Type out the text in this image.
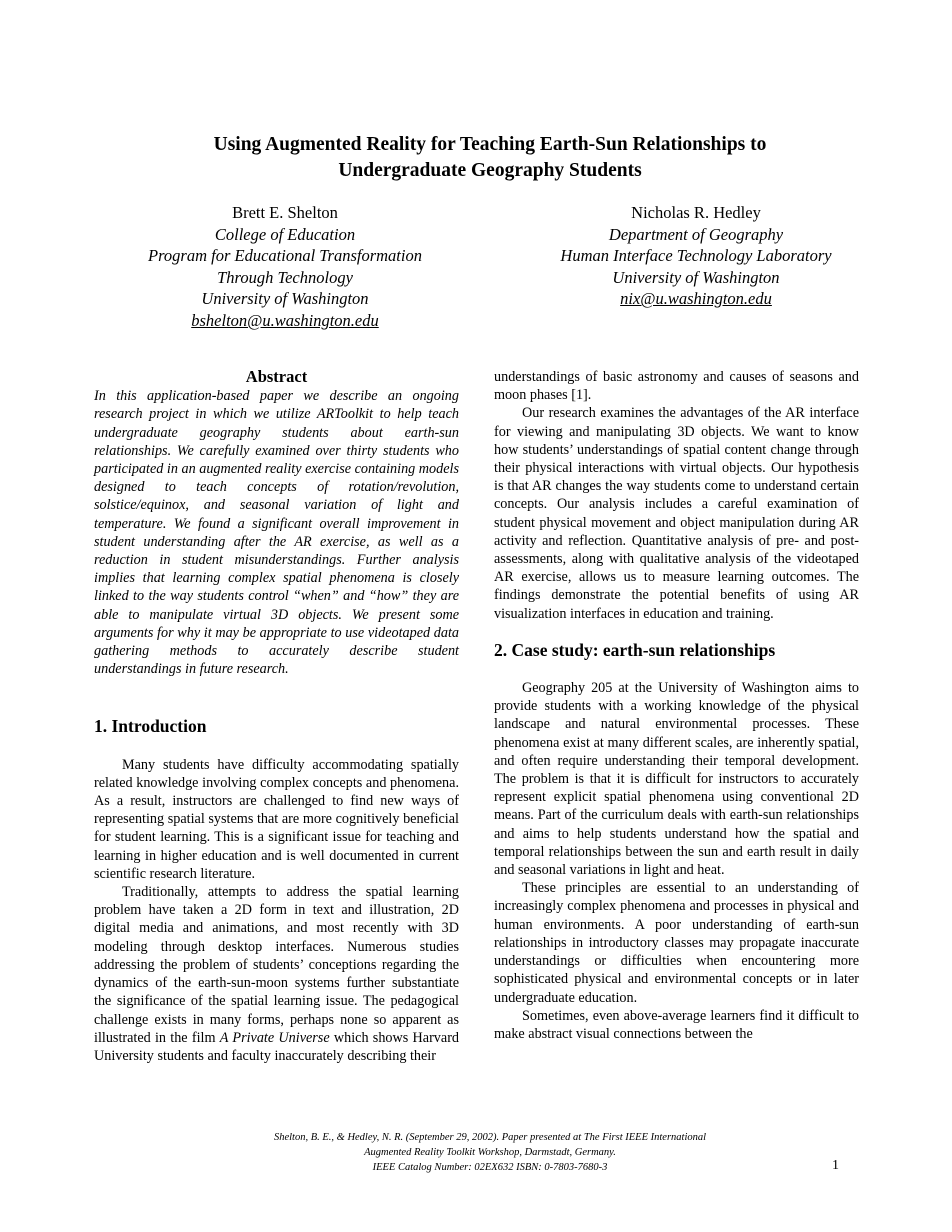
Using Augmented Reality for Teaching Earth-Sun Relationships to
Undergraduate Geography Students
Brett E. Shelton
College of Education
Program for Educational Transformation
Through Technology
University of Washington
bshelton@u.washington.edu
Nicholas R. Hedley
Department of Geography
Human Interface Technology Laboratory
University of Washington
nix@u.washington.edu
Abstract

In this application-based paper we describe an ongoing research project in which we utilize ARToolkit to help teach undergraduate geography students about earth-sun relationships. We carefully examined over thirty students who participated in an augmented reality exercise containing models designed to teach concepts of rotation/revolution, solstice/equinox, and seasonal variation of light and temperature. We found a significant overall improvement in student understanding after the AR exercise, as well as a reduction in student misunderstandings. Further analysis implies that learning complex spatial phenomena is closely linked to the way students control “when” and “how” they are able to manipulate virtual 3D objects. We present some arguments for why it may be appropriate to use videotaped data gathering methods to accurately describe student understandings in future research.

1. Introduction

Many students have difficulty accommodating spatially related knowledge involving complex concepts and phenomena. As a result, instructors are challenged to find new ways of representing spatial systems that are more cognitively beneficial for student learning. This is a significant issue for teaching and learning in higher education and is well documented in current scientific research literature.

Traditionally, attempts to address the spatial learning problem have taken a 2D form in text and illustration, 2D digital media and animations, and most recently with 3D modeling through desktop interfaces. Numerous studies addressing the problem of students’ conceptions regarding the dynamics of the earth-sun-moon systems further substantiate the significance of the spatial learning issue. The pedagogical challenge exists in many forms, perhaps none so apparent as illustrated in the film A Private Universe which shows Harvard University students and faculty inaccurately describing their

understandings of basic astronomy and causes of seasons and moon phases [1].

Our research examines the advantages of the AR interface for viewing and manipulating 3D objects. We want to know how students’ understandings of spatial content change through their physical interactions with virtual objects. Our hypothesis is that AR changes the way students come to understand certain concepts. Our analysis includes a careful examination of student physical movement and object manipulation during AR activity and reflection. Quantitative analysis of pre- and post-assessments, along with qualitative analysis of the videotaped AR exercise, allows us to measure learning outcomes. The findings demonstrate the potential benefits of using AR visualization interfaces in education and training.

2. Case study: earth-sun relationships

Geography 205 at the University of Washington aims to provide students with a working knowledge of the physical landscape and natural environmental processes. These phenomena exist at many different scales, are inherently spatial, and often require understanding their temporal development. The problem is that it is difficult for instructors to accurately represent explicit spatial phenomena using conventional 2D means. Part of the curriculum deals with earth-sun relationships and aims to help students understand how the spatial and temporal relationships between the sun and earth result in daily and seasonal variations in light and heat.

These principles are essential to an understanding of increasingly complex phenomena and processes in physical and human environments. A poor understanding of earth-sun relationships in introductory classes may propagate inaccurate understandings or difficulties when encountering more sophisticated physical and environmental concepts or in later undergraduate education.

Sometimes, even above-average learners find it difficult to make abstract visual connections between the

Shelton, B. E., & Hedley, N. R. (September 29, 2002). Paper presented at The First IEEE International
Augmented Reality Toolkit Workshop, Darmstadt, Germany.
IEEE Catalog Number: 02EX632 ISBN: 0-7803-7680-3	1
